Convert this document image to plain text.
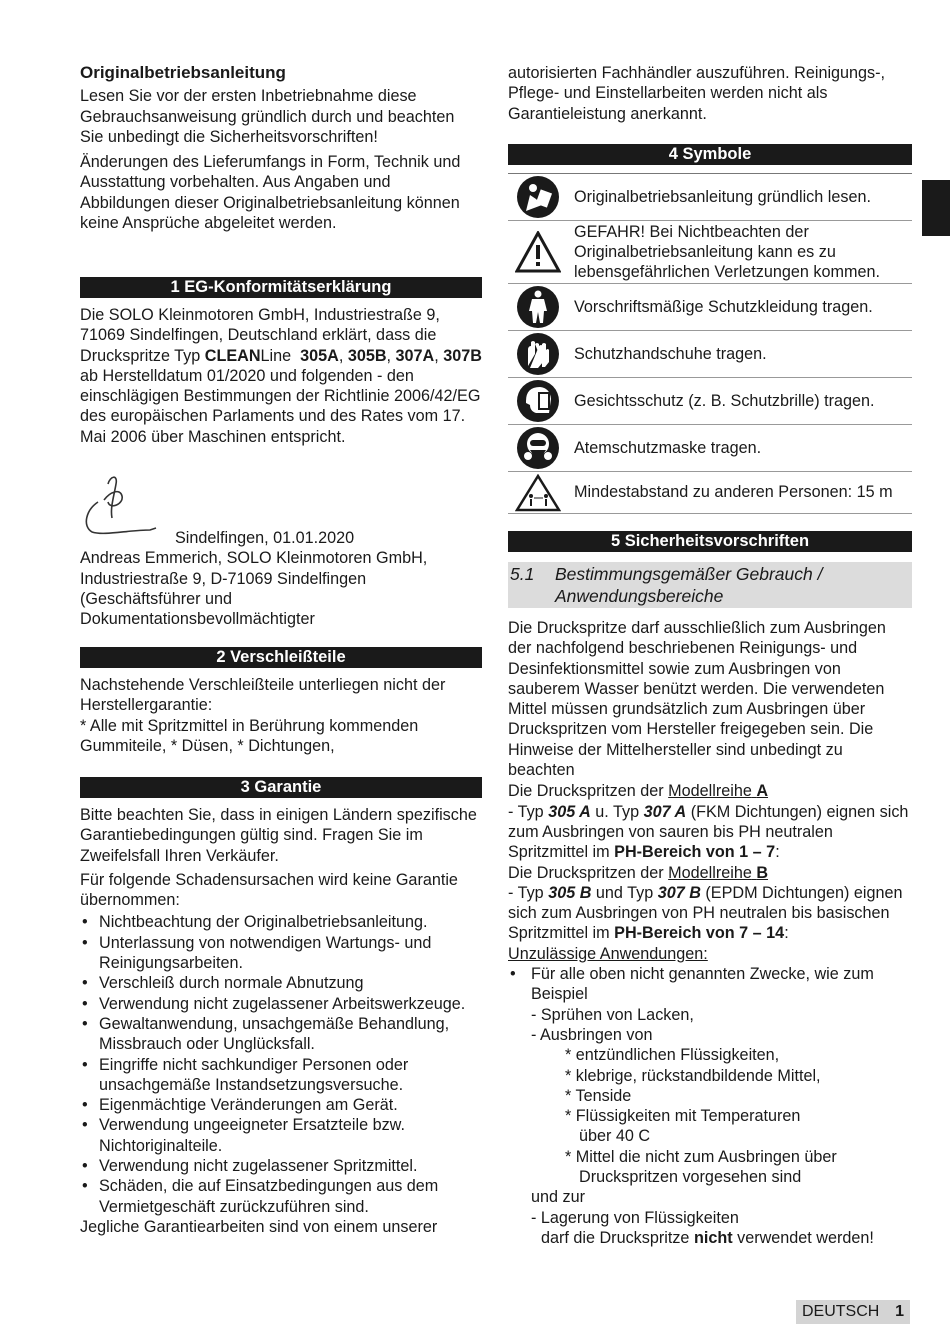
Originalbetriebsanleitung

Lesen Sie vor der ersten Inbetriebnahme diese Gebrauchsanweisung gründlich durch und beachten Sie unbedingt die Sicherheitsvorschriften!

Änderungen des Lieferumfangs in Form, Technik und Ausstattung vorbehalten. Aus Angaben und Abbildungen dieser Originalbetriebsanleitung können keine Ansprüche abgeleitet werden.

1 EG-Konformitätserklärung

Die SOLO Kleinmotoren GmbH, Industriestraße 9, 71069 Sindelfingen, Deutschland erklärt, dass die Druckspritze Typ CLEANLine 305A, 305B, 307A, 307B ab Herstelldatum 01/2020 und folgenden - den einschlägigen Bestimmungen der Richtlinie 2006/42/EG des europäischen Parlaments und des Rates vom 17. Mai 2006 über Maschinen entspricht.

Sindelfingen, 01.01.2020

Andreas Emmerich, SOLO Kleinmotoren GmbH,

Industriestraße 9, D-71069 Sindelfingen

(Geschäftsführer und

Dokumentationsbevollmächtigter

2 Verschleißteile

Nachstehende Verschleißteile unterliegen nicht der Herstellergarantie:

* Alle mit Spritzmittel in Berührung kommenden Gummiteile, * Düsen, * Dichtungen,

3 Garantie

Bitte beachten Sie, dass in einigen Ländern spezifische Garantiebedingungen gültig sind. Fragen Sie im Zweifelsfall Ihren Verkäufer.

Für folgende Schadensursachen wird keine Garantie übernommen:

• Nichtbeachtung der Originalbetriebsanleitung.
• Unterlassung von notwendigen Wartungs- und Reinigungsarbeiten.
• Verschleiß durch normale Abnutzung
• Verwendung nicht zugelassener Arbeitswerkzeuge.
• Gewaltanwendung, unsachgemäße Behandlung, Missbrauch oder Unglücksfall.
• Eingriffe nicht sachkundiger Personen oder unsachgemäße Instandsetzungsversuche.
• Eigenmächtige Veränderungen am Gerät.
• Verwendung ungeeigneter Ersatzteile bzw. Nichtoriginalteile.
• Verwendung nicht zugelassener Spritzmittel.
• Schäden, die auf Einsatzbedingungen aus dem Vermietgeschäft zurückzuführen sind.

Jegliche Garantiearbeiten sind von einem unserer

autorisierten Fachhändler auszuführen. Reinigungs-, Pflege- und Einstellarbeiten werden nicht als Garantieleistung anerkannt.

4 Symbole
Originalbetriebsanleitung gründlich lesen.
GEFAHR! Bei Nichtbeachten der Originalbetriebsanleitung kann es zu lebensgefährlichen Verletzungen kommen.
Vorschriftsmäßige Schutzkleidung tragen.
Schutzhandschuhe tragen.
Gesichtsschutz (z. B. Schutzbrille) tragen.
Atemschutzmaske tragen.
Mindestabstand zu anderen Personen: 15 m
5 Sicherheitsvorschriften
5.1	Bestimmungsgemäßer Gebrauch / Anwendungsbereiche

Die Druckspritze darf ausschließlich zum Ausbringen der nachfolgend beschriebenen Reinigungs- und Desinfektionsmittel sowie zum Ausbringen von sauberem Wasser benützt werden. Die verwendeten Mittel müssen grundsätzlich zum Ausbringen über Druckspritzen vom Hersteller freigegeben sein. Die Hinweise der Mittelhersteller sind unbedingt zu beachten

Die Druckspritzen der Modellreihe A

- Typ 305 A u. Typ 307 A (FKM Dichtungen) eignen sich zum Ausbringen von sauren bis PH neutralen Spritzmittel im PH-Bereich von 1 – 7:

Die Druckspritzen der Modellreihe B

- Typ 305 B und Typ 307 B (EPDM Dichtungen) eignen sich zum Ausbringen von PH neutralen bis basischen Spritzmittel im PH-Bereich von 7 – 14:

Unzulässige Anwendungen:

• Für alle oben nicht genannten Zwecke, wie zum Beispiel

- Sprühen von Lacken,

- Ausbringen von

* entzündlichen Flüssigkeiten,

* klebrige, rückstandbildende Mittel,

* Tenside

* Flüssigkeiten mit Temperaturen

über 40 C

* Mittel die nicht zum Ausbringen über

Druckspritzen vorgesehen sind

und zur

- Lagerung von Flüssigkeiten

darf die Druckspritze nicht verwendet werden!

DEUTSCH 1
